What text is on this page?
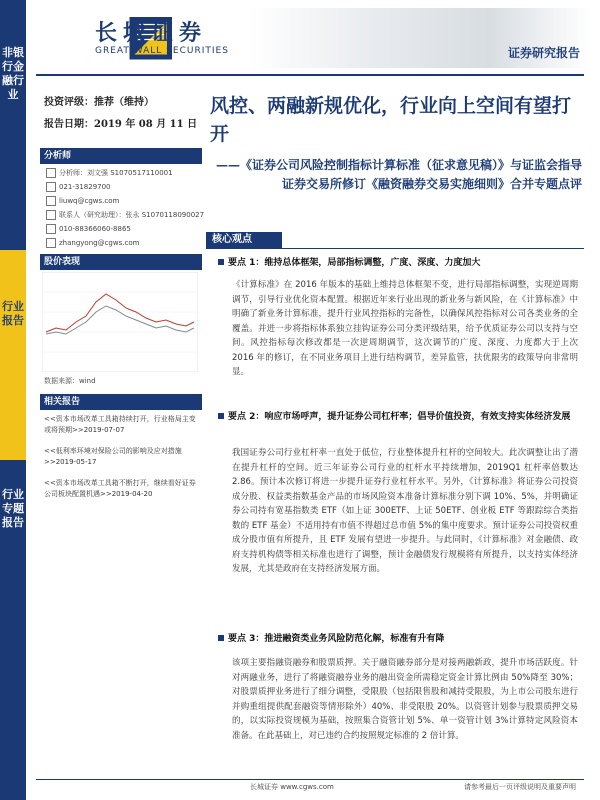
非银行金融行业
行业报告
行业专题报告
长城证券
GREAT WALL SECURITIES	证券研究报告
投资评级：推荐（维持）
报告日期：2019 年 08 月 11 日
分析师
分析师：刘文强 S1070517110001
021-31829700
liuwq@cgws.com
联系人（研究助理）：张永 S1070118090027
010-88366060-8865
zhangyong@cgws.com
股价表现
数据来源：wind
相关报告
<<资本市场改革工具箱持续打开，行业格局主变或将预期>>2019-07-07
<<低利率环境对保险公司的影响及应对措施>>2019-05-17
<<资本市场改革工具箱不断打开，继续看好证券公司板块配置机遇>>2019-04-20
风控、两融新规优化，行业向上空间有望打开
——《证券公司风险控制指标计算标准（征求意见稿）》与证监会指导证券交易所修订《融资融券交易实施细则》合并专题点评
核心观点
要点 1：维持总体框架，局部指标调整，广度、深度、力度加大
《计算标准》在 2016 年版本的基础上维持总体框架不变，进行局部指标调整，实现逆周期调节，引导行业优化资本配置。根据近年来行业出现的新业务与新风险，在《计算标准》中明确了新业务计算标准，提升行业风控指标的完备性，以确保风控指标对公司各类业务的全覆盖。并进一步将指标体系独立挂钩证券公司分类评级结果，给予优质证券公司以支持与空间。风控指标每次修改都是一次逆周期调节，这次调节的广度、深度、力度都大于上次 2016 年的修订，在不同业务项目上进行结构调节，差异监管，扶优限劣的政策导向非常明显。
要点 2：响应市场呼声，提升证券公司杠杆率；倡导价值投资，有效支持实体经济发展
我国证券公司行业杠杆率一直处于低位，行业整体提升杠杆的空间较大。此次调整让出了潜在提升杠杆的空间。近三年证券公司行业的杠杆水平持续增加，2019Q1 杠杆率倍数达 2.86。预计本次修订将进一步提升证券行业杠杆水平。另外，《计算标准》将证券公司投资成分股、权益类指数基金产品的市场风险资本准备计算标准分别下调 10%、5%，并明确证券公司持有宽基指数类 ETF（如上证 300ETF、上证 50ETF、创业板 ETF 等跟踪综合类指数的 ETF 基金）不适用持有市值不得超过总市值 5%的集中度要求。预计证券公司投资权重成分股市值有所提升，且 ETF 发展有望进一步提升。与此同时，《计算标准》对金融债、政府支持机构债等相关标准也进行了调整，预计金融债发行规模将有所提升，以支持实体经济发展，尤其是政府在支持经济发展方面。
要点 3：推进融资类业务风险防范化解，标准有升有降
该项主要指融资融券和股票质押。关于融资融券部分是对接两融新政，提升市场活跃度。针对两融业务，进行了将融资融券业务的融出资金所需稳定资金计算比例由 50%降至 30%；对股票质押业务进行了细分调整，受限股（包括限售股和减持受限股，为上市公司股东进行并购重组提供配套融资等情形除外）40%、非受限股 20%。以资管计划参与股票质押交易的，以实际投资规模为基础，按照集合资管计划 5%、单一资管计划 3%计算特定风险资本准备。在此基础上，对已违约合约按照规定标准的 2 倍计算。
长城证券 www.cgws.com	请参考最后一页评级说明及重要声明
